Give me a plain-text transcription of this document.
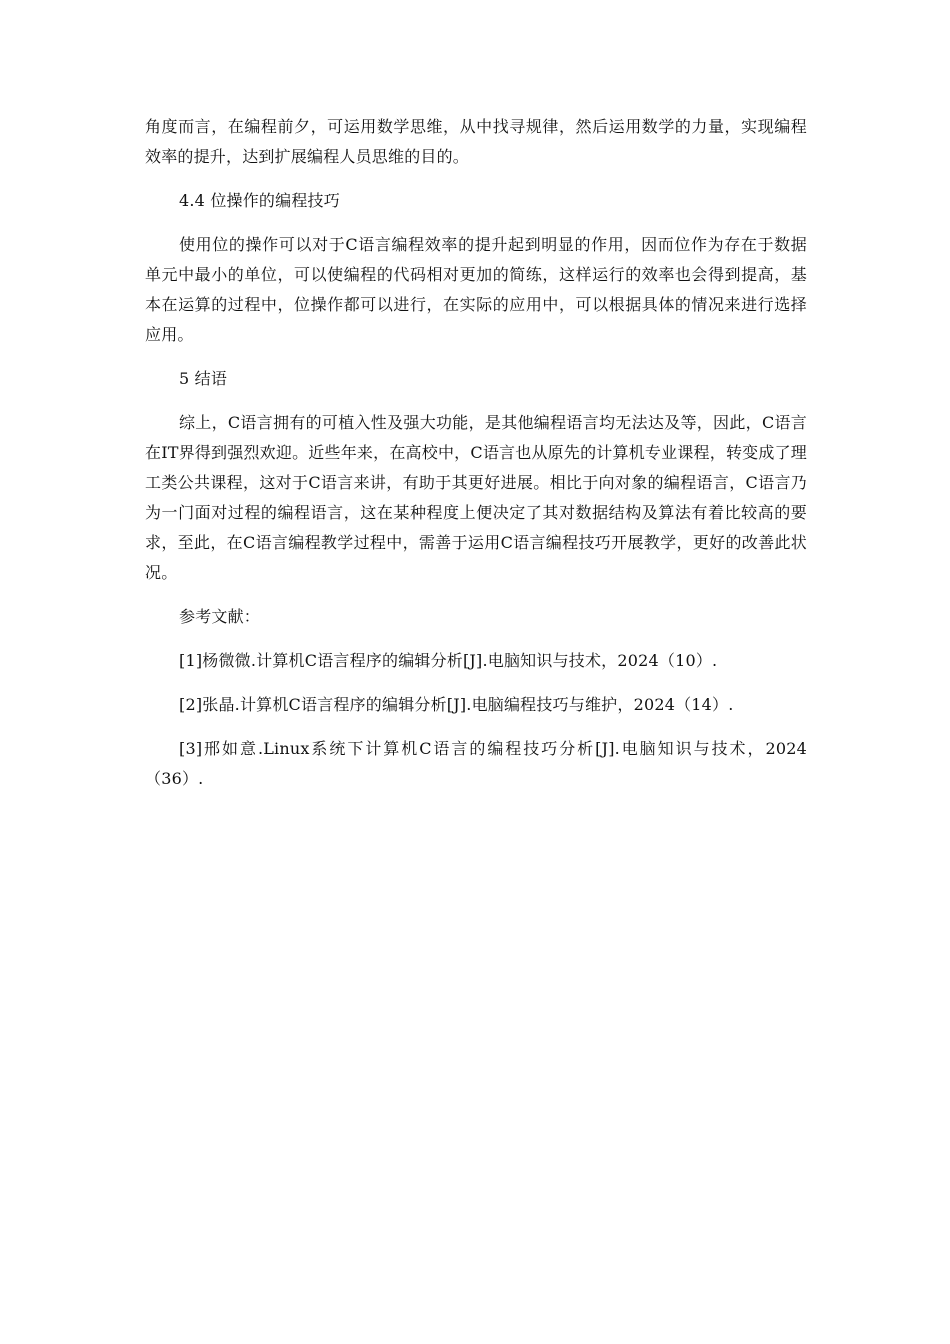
角度而言，在编程前夕，可运用数学思维，从中找寻规律，然后运用数学的力量，实现编程效率的提升，达到扩展编程人员思维的目的。

4.4 位操作的编程技巧

使用位的操作可以对于C语言编程效率的提升起到明显的作用，因而位作为存在于数据单元中最小的单位，可以使编程的代码相对更加的简练，这样运行的效率也会得到提高，基本在运算的过程中，位操作都可以进行，在实际的应用中，可以根据具体的情况来进行选择应用。

5 结语

综上，C语言拥有的可植入性及强大功能，是其他编程语言均无法达及等，因此，C语言在IT界得到强烈欢迎。近些年来，在高校中，C语言也从原先的计算机专业课程，转变成了理工类公共课程，这对于C语言来讲，有助于其更好进展。相比于向对象的编程语言，C语言乃为一门面对过程的编程语言，这在某种程度上便决定了其对数据结构及算法有着比较高的要求，至此，在C语言编程教学过程中，需善于运用C语言编程技巧开展教学，更好的改善此状况。

参考文献：

[1]杨微微.计算机C语言程序的编辑分析[J].电脑知识与技术，2024（10）.

[2]张晶.计算机C语言程序的编辑分析[J].电脑编程技巧与维护，2024（14）.

[3]邢如意.Linux系统下计算机C语言的编程技巧分析[J].电脑知识与技术，2024（36）.
